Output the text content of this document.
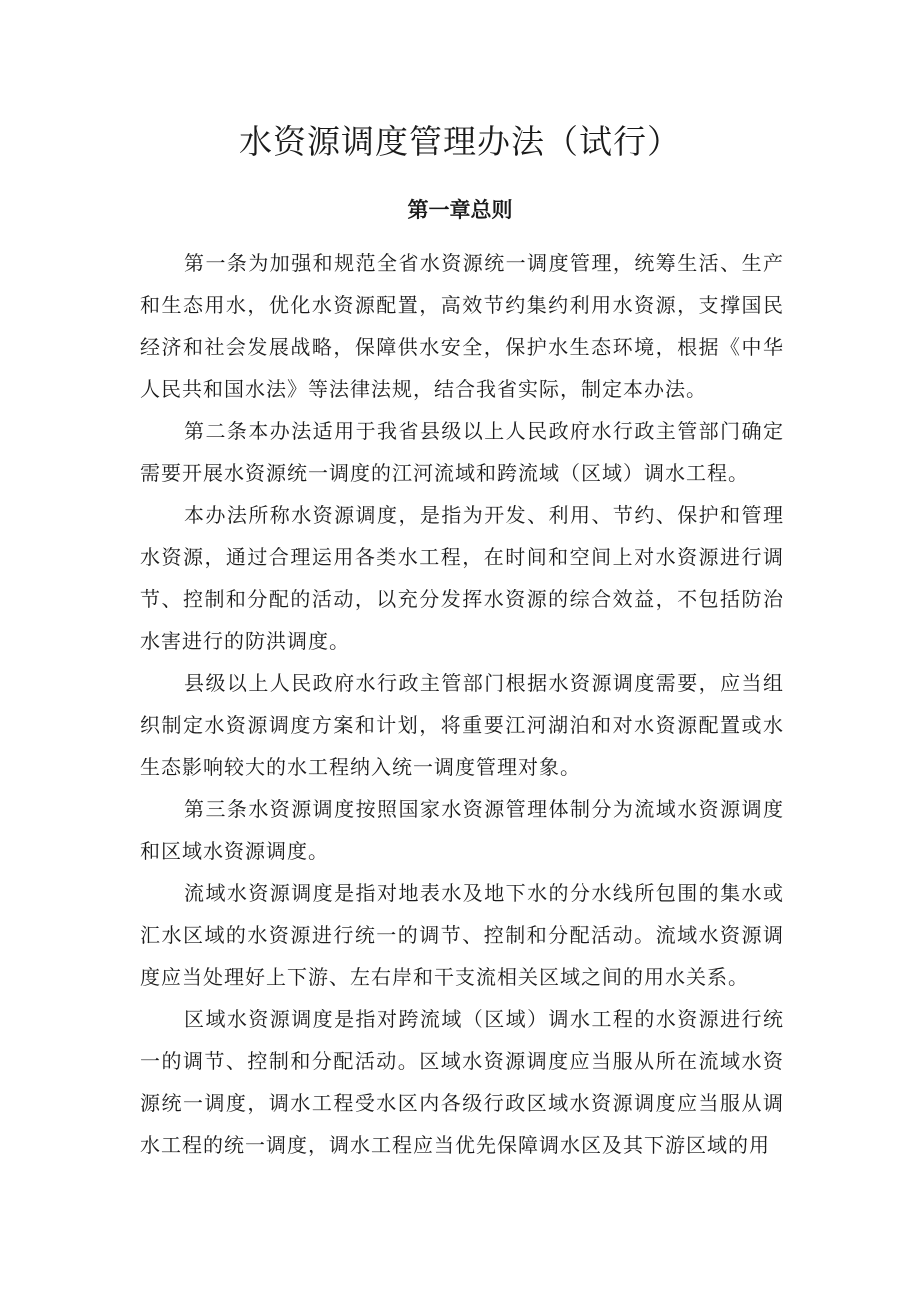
水资源调度管理办法（试行）
第一章总则

第一条为加强和规范全省水资源统一调度管理，统筹生活、生产和生态用水，优化水资源配置，高效节约集约利用水资源，支撑国民经济和社会发展战略，保障供水安全，保护水生态环境，根据《中华人民共和国水法》等法律法规，结合我省实际，制定本办法。

第二条本办法适用于我省县级以上人民政府水行政主管部门确定需要开展水资源统一调度的江河流域和跨流域（区域）调水工程。

本办法所称水资源调度，是指为开发、利用、节约、保护和管理水资源，通过合理运用各类水工程，在时间和空间上对水资源进行调节、控制和分配的活动，以充分发挥水资源的综合效益，不包括防治水害进行的防洪调度。

县级以上人民政府水行政主管部门根据水资源调度需要，应当组织制定水资源调度方案和计划，将重要江河湖泊和对水资源配置或水生态影响较大的水工程纳入统一调度管理对象。

第三条水资源调度按照国家水资源管理体制分为流域水资源调度和区域水资源调度。

流域水资源调度是指对地表水及地下水的分水线所包围的集水或汇水区域的水资源进行统一的调节、控制和分配活动。流域水资源调度应当处理好上下游、左右岸和干支流相关区域之间的用水关系。

区域水资源调度是指对跨流域（区域）调水工程的水资源进行统一的调节、控制和分配活动。区域水资源调度应当服从所在流域水资源统一调度，调水工程受水区内各级行政区域水资源调度应当服从调水工程的统一调度，调水工程应当优先保障调水区及其下游区域的用
